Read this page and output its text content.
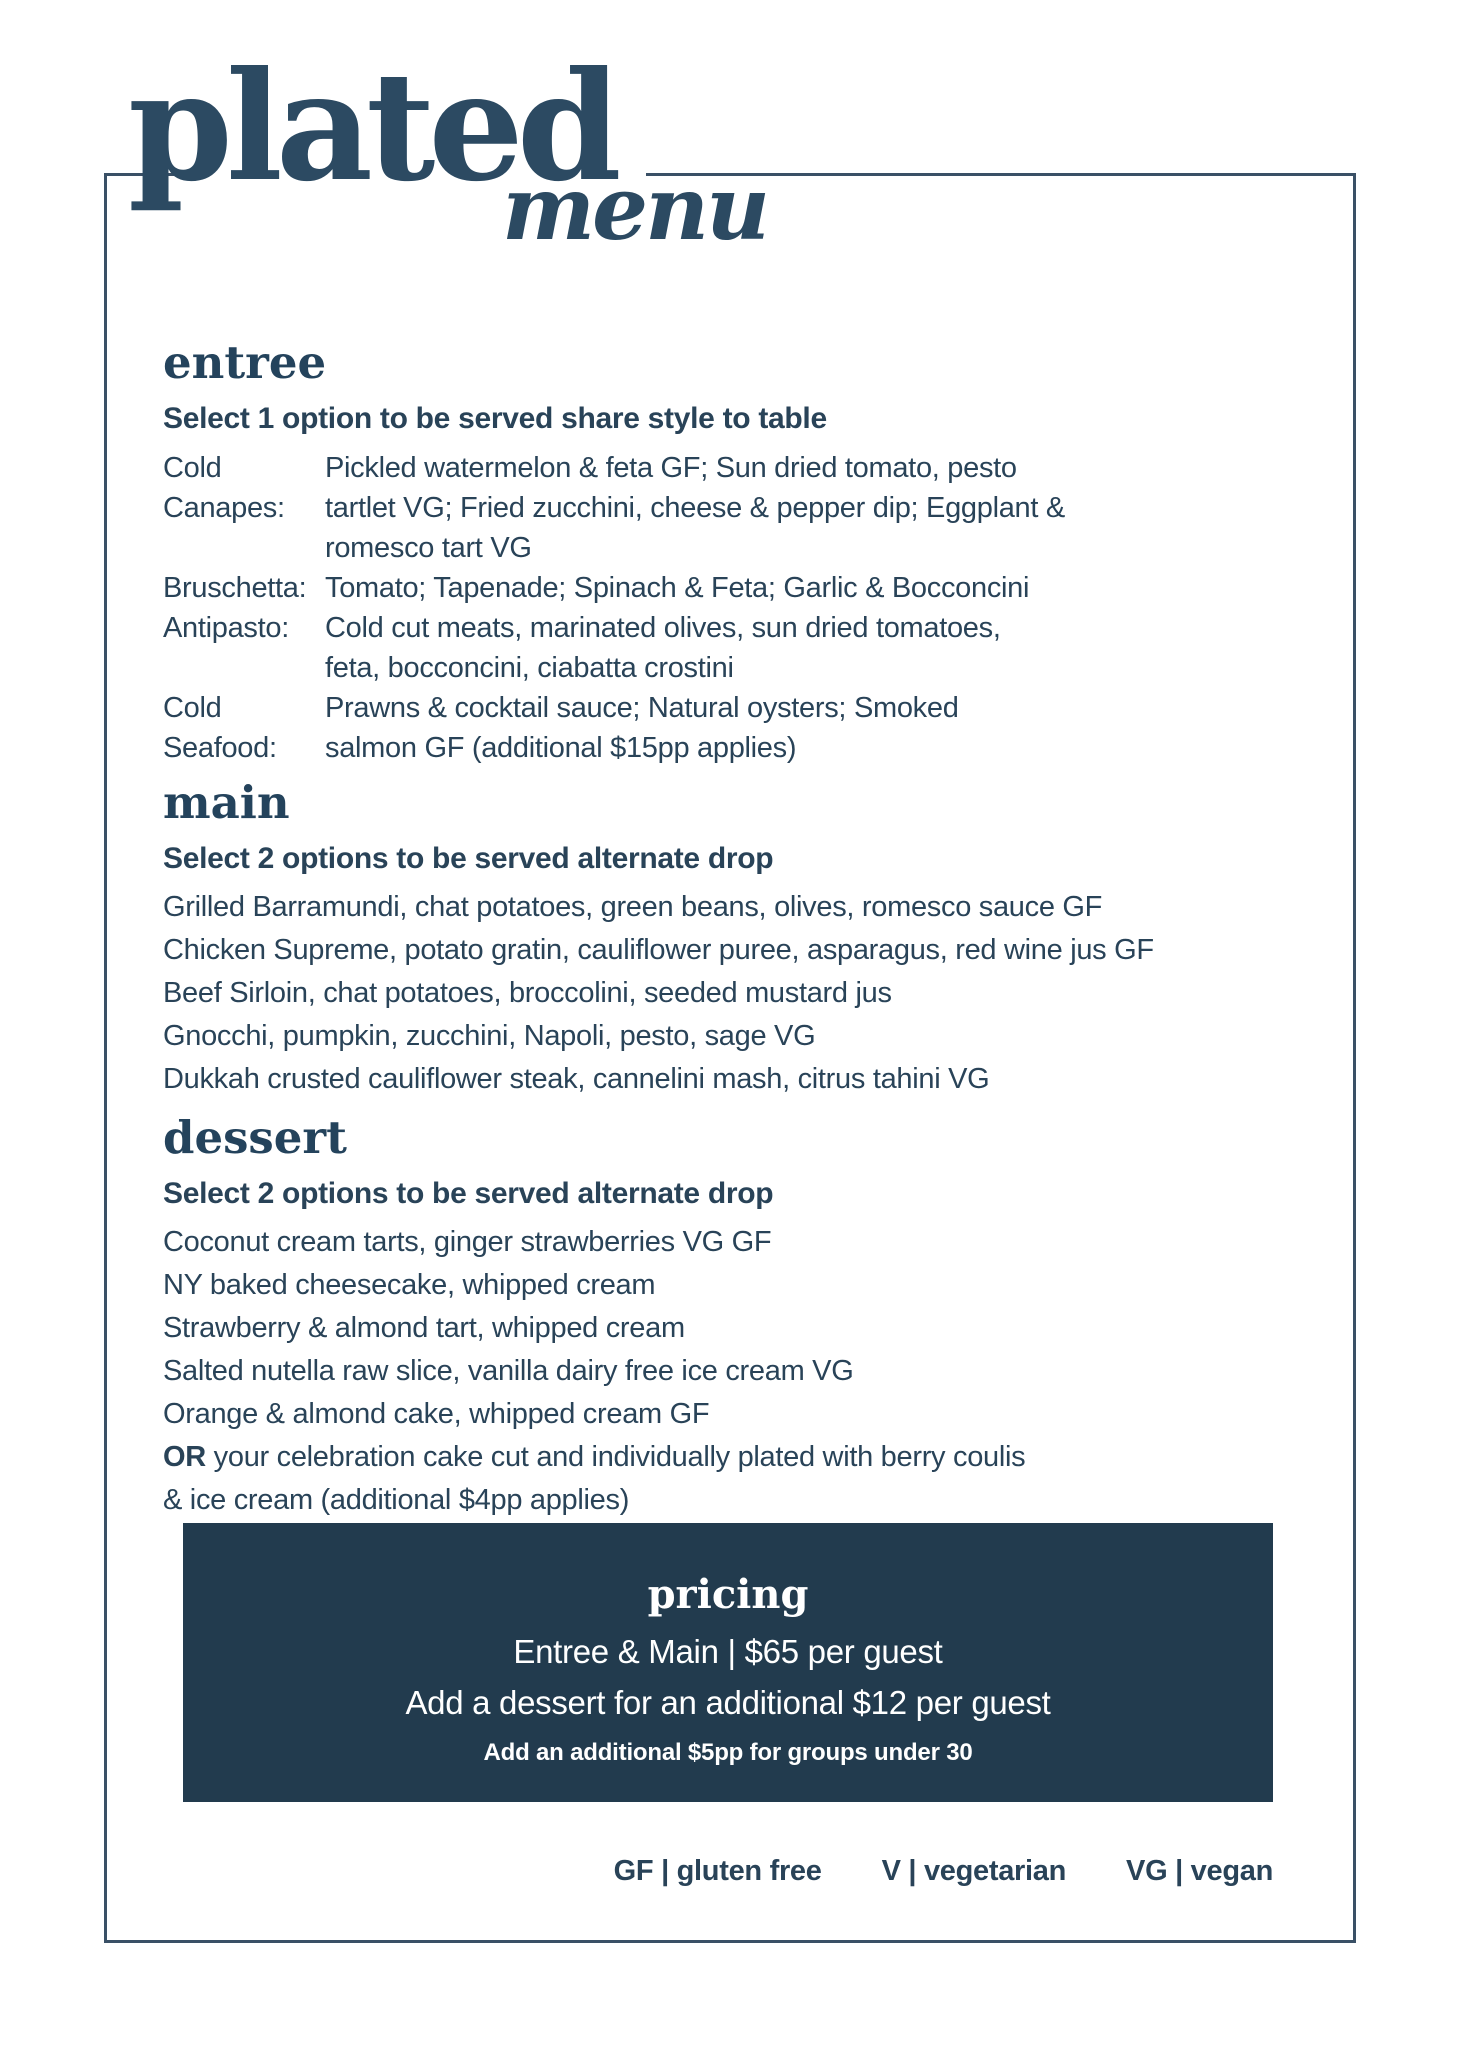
plated
menu
entree
Select 1 option to be served share style to table
Cold Canapes:
Pickled watermelon & feta GF; Sun dried tomato, pesto
tartlet VG; Fried zucchini, cheese & pepper dip; Eggplant &
romesco tart VG
Bruschetta: Tomato; Tapenade; Spinach & Feta; Garlic & Bocconcini
Antipasto:	Cold cut meats, marinated olives, sun dried tomatoes,
feta, bocconcini, ciabatta crostini
Cold Seafood:
Prawns & cocktail sauce; Natural oysters; Smoked
salmon GF (additional $15pp applies)
main
Select 2 options to be served alternate drop
Grilled Barramundi, chat potatoes, green beans, olives, romesco sauce GF
Chicken Supreme, potato gratin, cauliflower puree, asparagus, red wine jus GF
Beef Sirloin, chat potatoes, broccolini, seeded mustard jus
Gnocchi, pumpkin, zucchini, Napoli, pesto, sage VG
Dukkah crusted cauliflower steak, cannelini mash, citrus tahini VG
dessert
Select 2 options to be served alternate drop
Coconut cream tarts, ginger strawberries VG GF
NY baked cheesecake, whipped cream
Strawberry & almond tart, whipped cream
Salted nutella raw slice, vanilla dairy free ice cream VG
Orange & almond cake, whipped cream GF
OR your celebration cake cut and individually plated with berry coulis
& ice cream (additional $4pp applies)
pricing
Entree & Main | $65 per guest
Add a dessert for an additional $12 per guest
Add an additional $5pp for groups under 30
GF | gluten free V | vegetarian VG | vegan
